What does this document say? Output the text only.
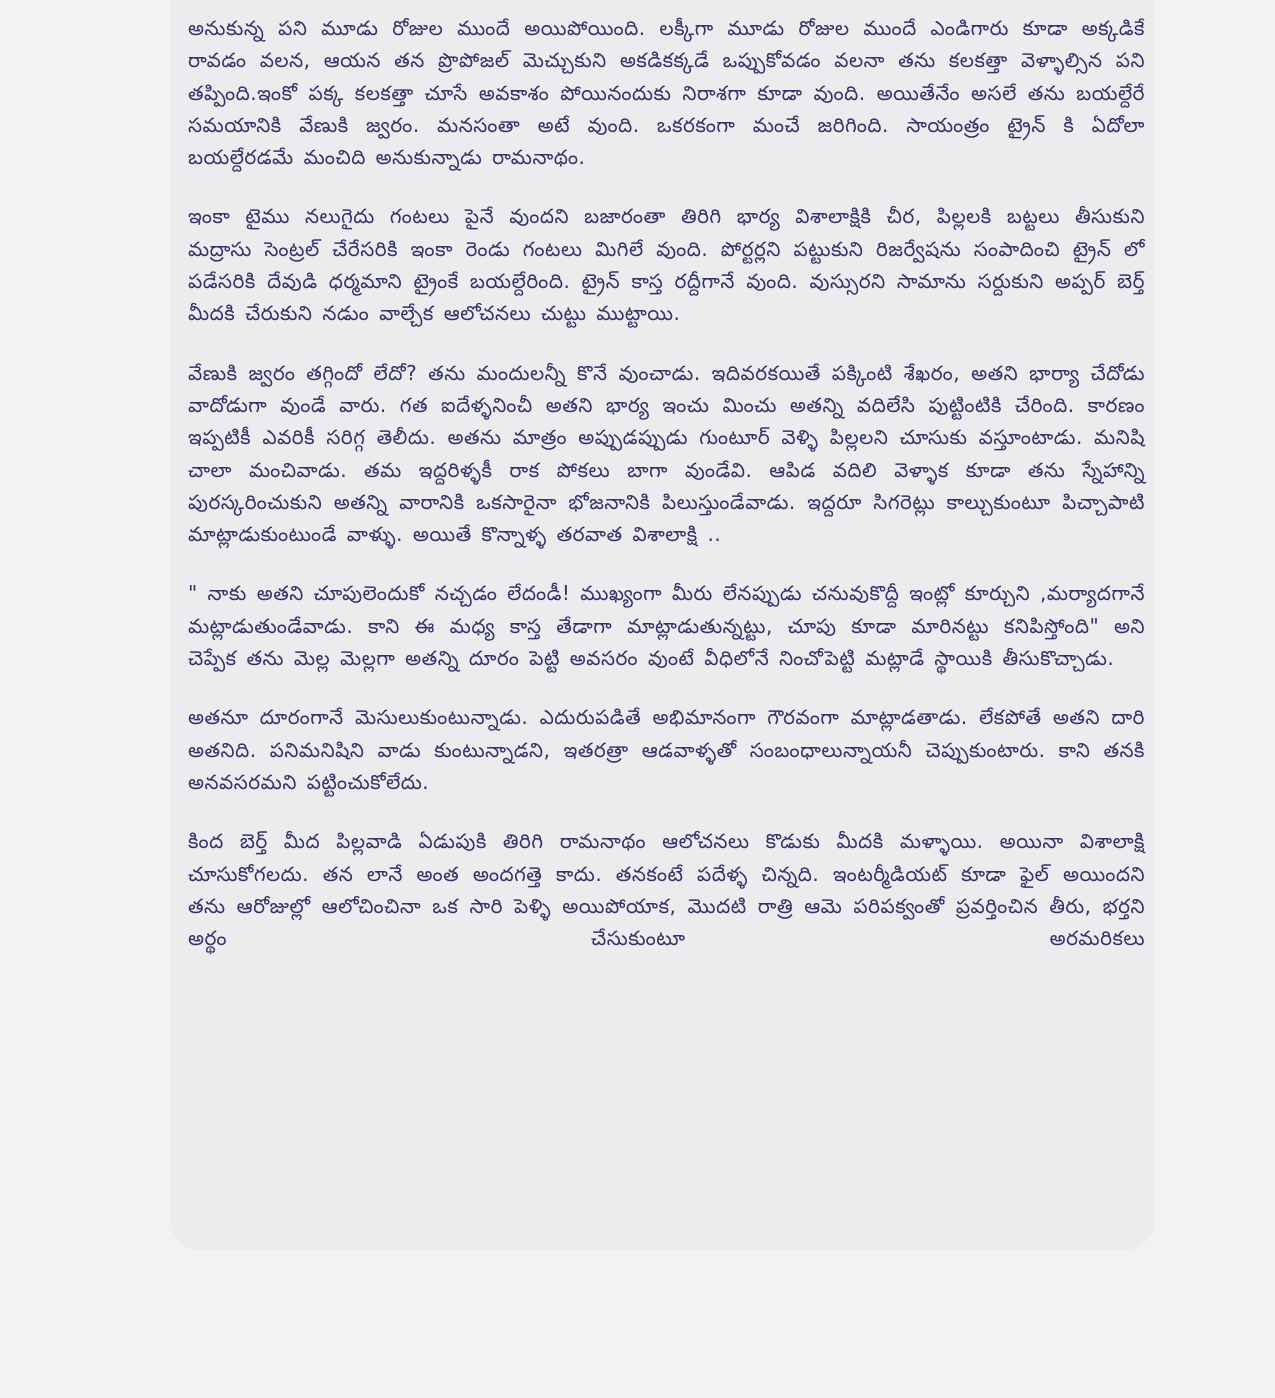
అనుకున్న పని మూడు రోజుల ముందే అయిపోయింది. లక్కీగా మూడు రోజుల ముందే ఎండిగారు కూడా అక్కడికే రావడం వలన, ఆయన తన ప్రొపోజల్ మెచ్చుకుని అకడికక్కడే ఒప్పుకోవడం వలనా తను కలకత్తా వెళ్ళాల్సిన పని తప్పింది.ఇంకో పక్క కలకత్తా చూసే అవకాశం పోయినందుకు నిరాశగా కూడా వుంది. అయితేనేం అసలే తను బయల్దేరే సమయానికి వేణుకి జ్వరం. మనసంతా అటే వుంది. ఒకరకంగా మంచే జరిగింది. సాయంత్రం ట్రైన్ కి ఏదోలా బయల్దేరడమే మంచిది అనుకున్నాడు రామనాథం.

ఇంకా టైము నలుగైదు గంటలు పైనే వుందని బజారంతా తిరిగి భార్య విశాలాక్షికి చీర, పిల్లలకి బట్టలు తీసుకుని మద్రాసు సెంట్రల్ చేరేసరికి ఇంకా రెండు గంటలు మిగిలే వుంది. పోర్టర్లని పట్టుకుని రిజర్వేషను సంపాదించి ట్రైన్ లో పడేసరికి దేవుడి ధర్మమాని ట్రైంకే బయల్దేరింది. ట్రైన్ కాస్త రద్దీగానే వుంది. వుస్సురని సామాను సర్దుకుని అప్పర్ బెర్త్ మీదకి చేరుకుని నడుం వాల్చేక ఆలోచనలు చుట్టు ముట్టాయి.

వేణుకి జ్వరం తగ్గిందో లేదో? తను మందులన్నీ కొనే వుంచాడు. ఇదివరకయితే పక్కింటి శేఖరం, అతని భార్యా చేదోడు వాదోడుగా వుండే వారు. గత ఐదేళ్ళనించీ అతని భార్య ఇంచు మించు అతన్ని వదిలేసి పుట్టింటికి చేరింది. కారణం ఇప్పటికీ ఎవరికీ సరిగ్గ తెలీదు. అతను మాత్రం అప్పుడప్పుడు గుంటూర్ వెళ్ళి పిల్లలని చూసుకు వస్తూంటాడు. మనిషి చాలా మంచివాడు. తమ ఇద్దరిళ్ళకీ రాక పోకలు బాగా వుండేవి. ఆపిడ వదిలి వెళ్ళాక కూడా తను స్నేహాన్ని పురస్కరించుకుని అతన్ని వారానికి ఒకసారైనా భోజనానికి పిలుస్తుండేవాడు. ఇద్దరూ సిగరెట్లు కాల్చుకుంటూ పిచ్చాపాటి మాట్లాడుకుంటుండే వాళ్ళు. అయితే కొన్నాళ్ళ తరవాత విశాలాక్షి ..

" నాకు అతని చూపులెందుకో నచ్చడం లేదండీ! ముఖ్యంగా మీరు లేనప్పుడు చనువుకొద్దీ ఇంట్లో కూర్చుని ,మర్యాదగానే మట్లాడుతుండేవాడు. కాని ఈ మధ్య కాస్త తేడాగా మాట్లాడుతున్నట్టు, చూపు కూడా మారినట్టు కనిపిస్తోంది" అని చెప్పేక తను మెల్ల మెల్లగా అతన్ని దూరం పెట్టి అవసరం వుంటే వీధిలోనే నించోపెట్టి మట్లాడే స్థాయికి తీసుకొచ్చాడు.

అతనూ దూరంగానే మెసులుకుంటున్నాడు. ఎదురుపడితే అభిమానంగా గౌరవంగా మాట్లాడతాడు. లేకపోతే అతని దారి అతనిది. పనిమనిషిని వాడు కుంటున్నాడని, ఇతరత్రా ఆడవాళ్ళతో సంబంధాలున్నాయనీ చెప్పుకుంటారు. కాని తనకి అనవసరమని పట్టించుకోలేదు.

కింద బెర్త్ మీద పిల్లవాడి ఏడుపుకి తిరిగి రామనాథం ఆలోచనలు కొడుకు మీదకి మళ్ళాయి. అయినా విశాలాక్షి చూసుకోగలదు. తన లానే అంత అందగత్తె కాదు. తనకంటే పదేళ్ళ చిన్నది. ఇంటర్మీడియట్ కూడా ఫైల్ అయిందని తను ఆరోజుల్లో ఆలోచించినా ఒక సారి పెళ్ళి అయిపోయాక, మొదటి రాత్రి ఆమె పరిపక్వంతో ప్రవర్తించిన తీరు, భర్తని అర్థం చేసుకుంటూ అరమరికలు
